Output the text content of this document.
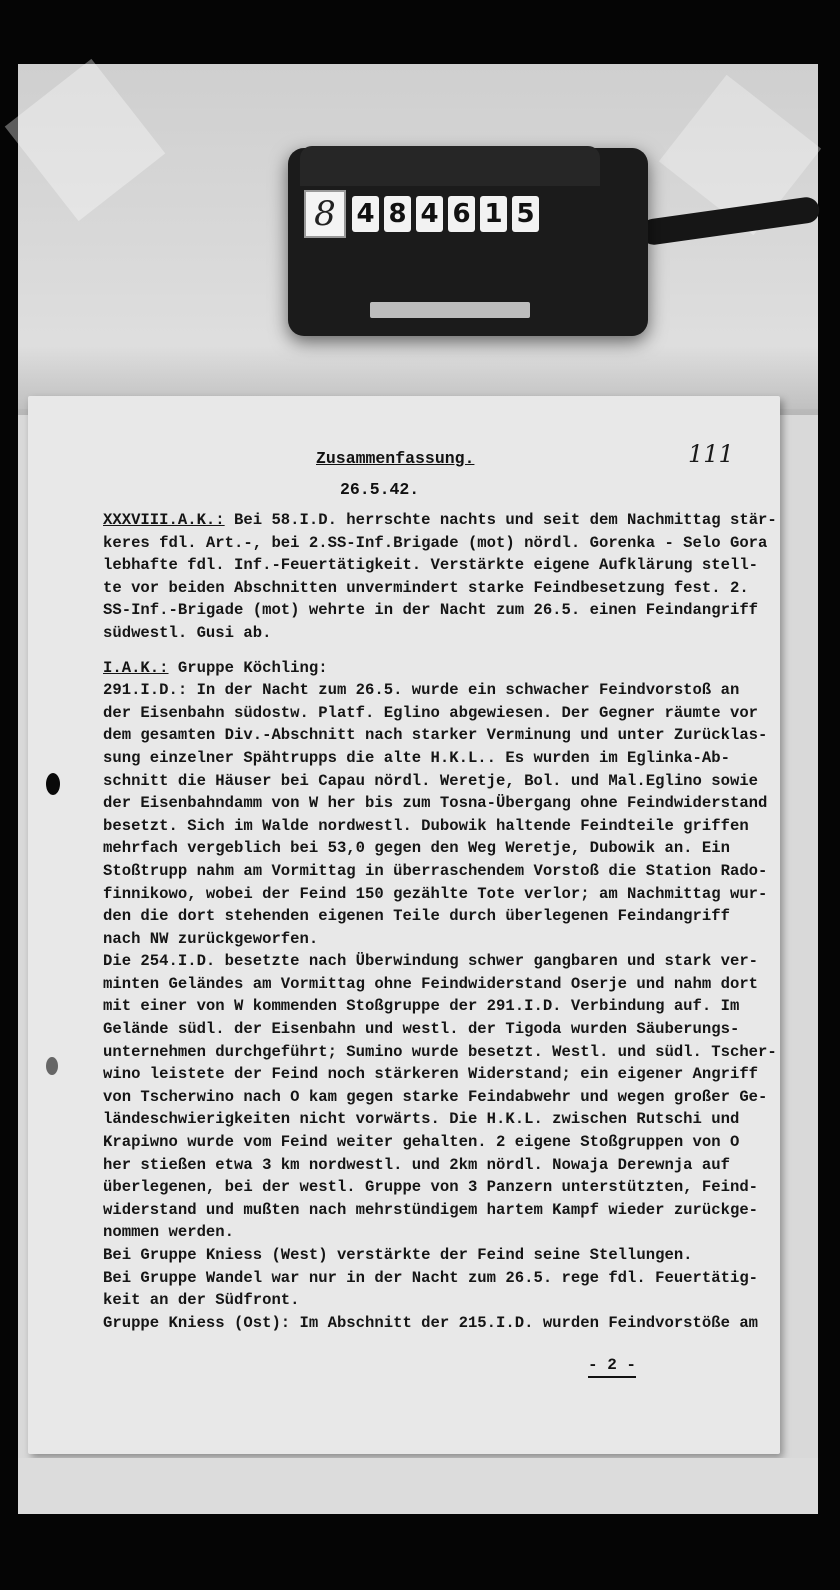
8 4 8 4 6 1 5
Zusammenfassung.
26.5.42.
111
XXXVIII.A.K.: Bei 58.I.D. herrschte nachts und seit dem Nachmittag stär-
keres fdl. Art.-, bei 2.SS-Inf.Brigade (mot) nördl. Gorenka - Selo Gora
lebhafte fdl. Inf.-Feuertätigkeit. Verstärkte eigene Aufklärung stell-
te vor beiden Abschnitten unvermindert starke Feindbesetzung fest. 2.
SS-Inf.-Brigade (mot) wehrte in der Nacht zum 26.5. einen Feindangriff
südwestl. Gusi ab.
I.A.K.: Gruppe Köchling:
291.I.D.: In der Nacht zum 26.5. wurde ein schwacher Feindvorstoß an
der Eisenbahn südostw. Platf. Eglino abgewiesen. Der Gegner räumte vor
dem gesamten Div.-Abschnitt nach starker Verminung und unter Zurücklas-
sung einzelner Spähtrupps die alte H.K.L.. Es wurden im Eglinka-Ab-
schnitt die Häuser bei Capau nördl. Weretje, Bol. und Mal.Eglino sowie
der Eisenbahndamm von W her bis zum Tosna-Übergang ohne Feindwiderstand
besetzt. Sich im Walde nordwestl. Dubowik haltende Feindteile griffen
mehrfach vergeblich bei 53,0 gegen den Weg Weretje, Dubowik an. Ein
Stoßtrupp nahm am Vormittag in überraschendem Vorstoß die Station Rado-
finnikowo, wobei der Feind 150 gezählte Tote verlor; am Nachmittag wur-
den die dort stehenden eigenen Teile durch überlegenen Feindangriff
nach NW zurückgeworfen.
Die 254.I.D. besetzte nach Überwindung schwer gangbaren und stark ver-
minten Geländes am Vormittag ohne Feindwiderstand Oserje und nahm dort
mit einer von W kommenden Stoßgruppe der 291.I.D. Verbindung auf. Im
Gelände südl. der Eisenbahn und westl. der Tigoda wurden Säuberungs-
unternehmen durchgeführt; Sumino wurde besetzt. Westl. und südl. Tscher-
wino leistete der Feind noch stärkeren Widerstand; ein eigener Angriff
von Tscherwino nach O kam gegen starke Feindabwehr und wegen großer Ge-
ländeschwierigkeiten nicht vorwärts. Die H.K.L. zwischen Rutschi und
Krapiwno wurde vom Feind weiter gehalten. 2 eigene Stoßgruppen von O
her stießen etwa 3 km nordwestl. und 2km nördl. Nowaja Derewnja auf
überlegenen, bei der westl. Gruppe von 3 Panzern unterstützten, Feind-
widerstand und mußten nach mehrstündigem hartem Kampf wieder zurückge-
nommen werden.
Bei Gruppe Kniess (West) verstärkte der Feind seine Stellungen.
Bei Gruppe Wandel war nur in der Nacht zum 26.5. rege fdl. Feuertätig-
keit an der Südfront.
Gruppe Kniess (Ost): Im Abschnitt der 215.I.D. wurden Feindvorstöße am
- 2 -
